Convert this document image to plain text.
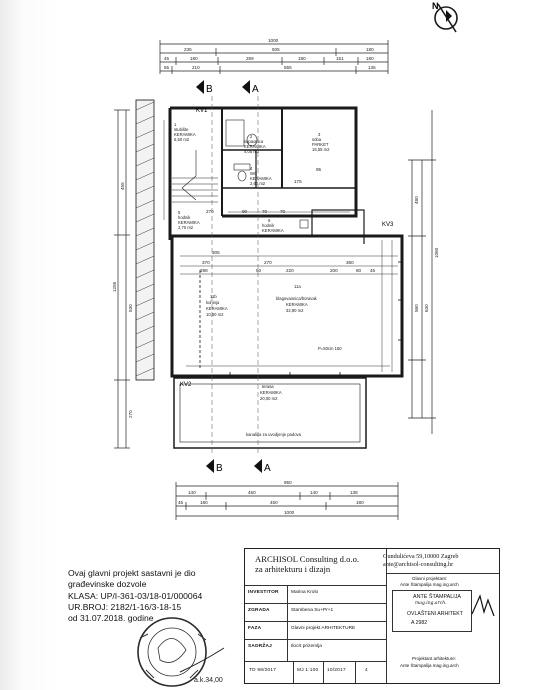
N
1000
235	505	180
45	180	269	180	151	180
55	210	555	135
455
530
1255
270
480
560
1060
630
305
370	270	360
298	50	220	200	80 45
175
95
270	70	70
90
1
stubište
KERAMIKA
6,50 m2
2
kupaonica
KERAMIKA
4,05 m2
3
soba
PARKET
15,55 m2
4
WC
KERAMIKA
2,60 m2
5
hodnik
KERAMIKA
2,70 m2
6
hodnik
KERAMIKA
11a
blagovaonica/boravak
KERAMIKA
32,90 m2
11b
kuhinja
KERAMIKA
10,60 m2
terasa
KERAMIKA
20,00 m2
P=50cm 150
kanalica za uvodjenje padova
B	A
B	A
KV1
KV3
KV2
950
140	450	140	138
45	180	450	180
1000
Ovaj glavni projekt sastavni je dio
građevinske dozvole
KLASA: UP/I-361-03/18-01/000064
UR.BROJ: 2182/1-16/3-18-15
od 31.07.2018. godine
a.k.34,00
ARCHISOL Consulting d.o.o.
za arhitekturu i dizajn
Gundulićeva 59,10000 Zagreb
ante@archisol-consulting.hr
INVESTITOR	Marina Krolo
ZGRADA	Stambena Su+Pr+1
FAZA	Glavni projekt ARHITEKTURE
SADRŽAJ	tlocrt prizemlja
TD 98/2017	MJ 1:100 10/2017	4
Glavni projektant:
Ante Štampalija mag.ing.arch
ANTE ŠTAMPALIJA
mag.ing.arch.
OVLAŠTENI ARHITEKT
A 2982
Projektant arhitekture:
Ante Štampalija mag.ing.arch
